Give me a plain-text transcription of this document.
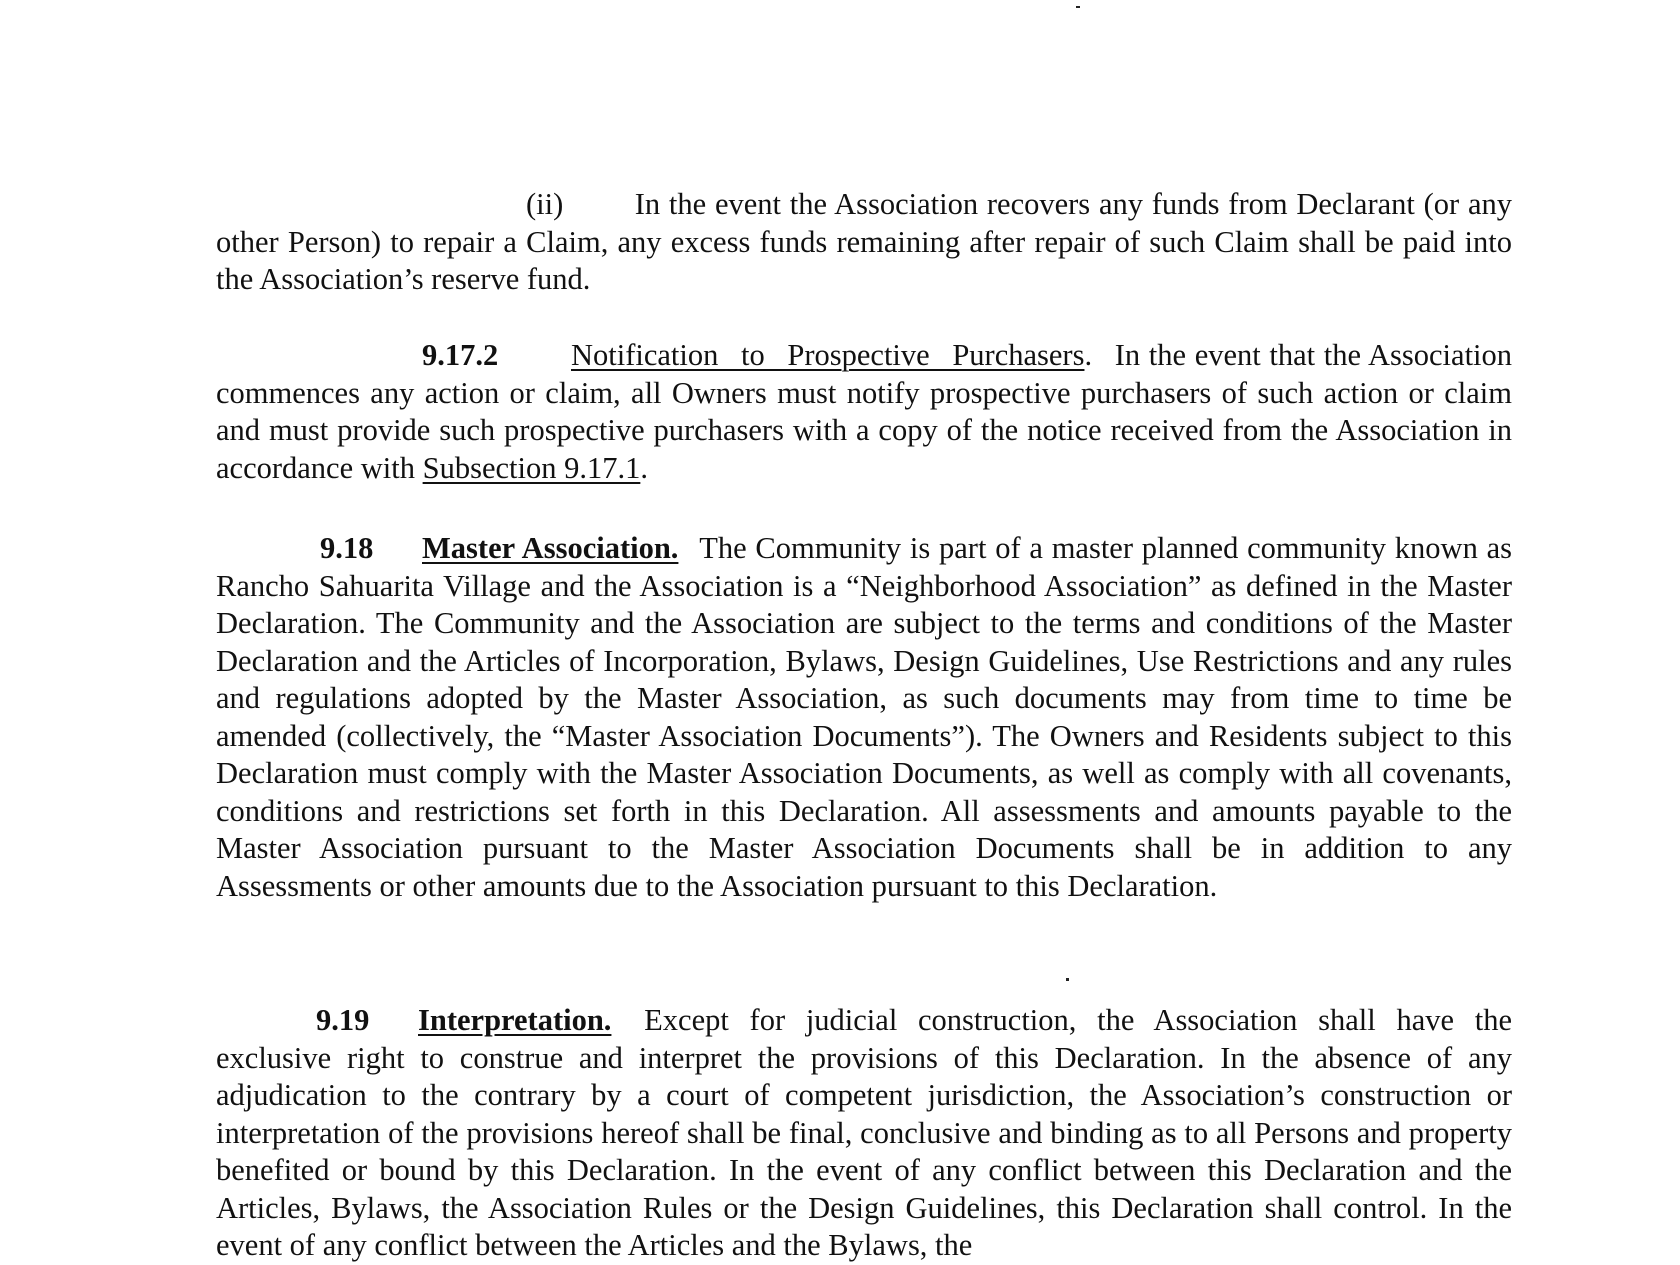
(ii) In the event the Association recovers any funds from Declarant (or any other Person) to repair a Claim, any excess funds remaining after repair of such Claim shall be paid into the Association’s reserve fund.

9.17.2 Notification to Prospective Purchasers. In the event that the Association commences any action or claim, all Owners must notify prospective purchasers of such action or claim and must provide such prospective purchasers with a copy of the notice received from the Association in accordance with Subsection 9.17.1.

9.18 Master Association. The Community is part of a master planned community known as Rancho Sahuarita Village and the Association is a “Neighborhood Association” as defined in the Master Declaration. The Community and the Association are subject to the terms and conditions of the Master Declaration and the Articles of Incorporation, Bylaws, Design Guidelines, Use Restrictions and any rules and regulations adopted by the Master Association, as such documents may from time to time be amended (collectively, the “Master Association Documents”). The Owners and Residents subject to this Declaration must comply with the Master Association Documents, as well as comply with all covenants, conditions and restrictions set forth in this Declaration. All assessments and amounts payable to the Master Association pursuant to the Master Association Documents shall be in addition to any Assessments or other amounts due to the Association pursuant to this Declaration.

9.19 Interpretation. Except for judicial construction, the Association shall have the exclusive right to construe and interpret the provisions of this Declaration. In the absence of any adjudication to the contrary by a court of competent jurisdiction, the Association’s construction or interpretation of the provisions hereof shall be final, conclusive and binding as to all Persons and property benefited or bound by this Declaration. In the event of any conflict between this Declaration and the Articles, Bylaws, the Association Rules or the Design Guidelines, this Declaration shall control. In the event of any conflict between the Articles and the Bylaws, the
